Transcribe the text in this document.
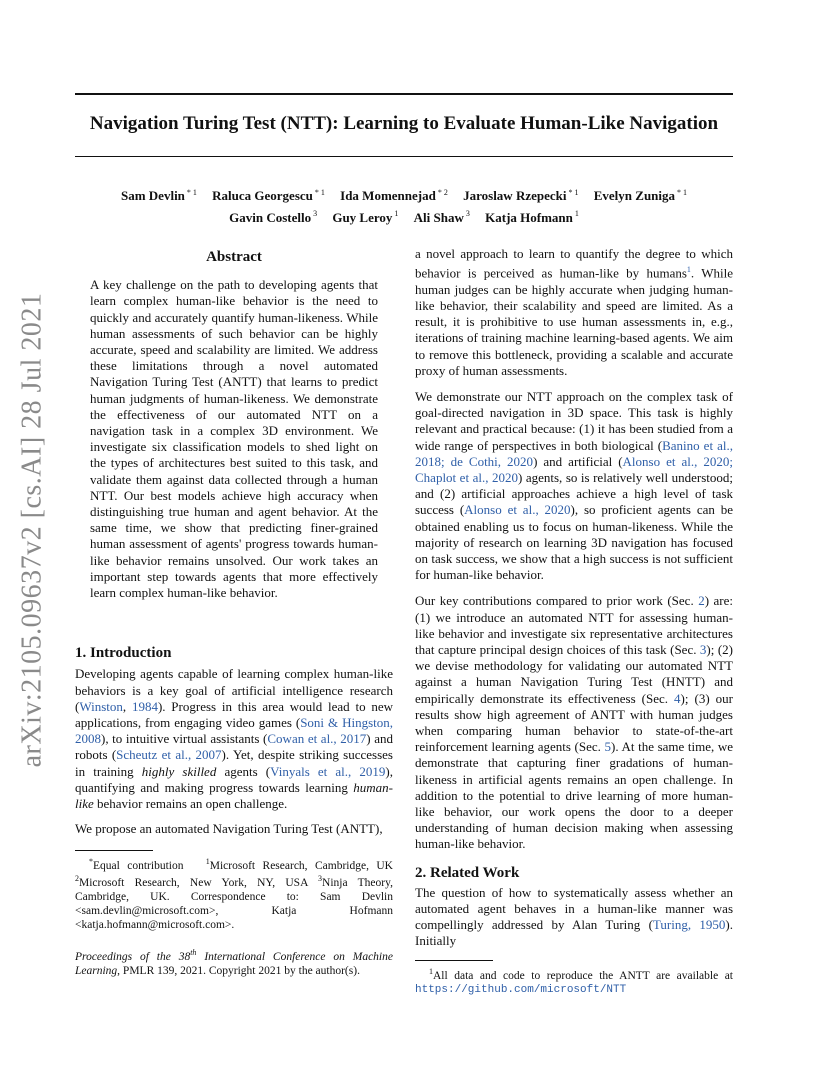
arXiv:2105.09637v2 [cs.AI] 28 Jul 2021
Navigation Turing Test (NTT): Learning to Evaluate Human-Like Navigation
Sam Devlin $^{* 1}$ Raluca Georgescu $^{* 1}$ Ida Momennejad $^{* 2}$ Jaroslaw Rzepecki $^{* 1}$ Evelyn Zuniga $^{* 1}$
Gavin Costello $^3$ Guy Leroy $^1$ Ali Shaw $^3$ Katja Hofmann $^1$
Abstract

A key challenge on the path to developing agents that learn complex human-like behavior is the need to quickly and accurately quantify human-likeness. While human assessments of such behavior can be highly accurate, speed and scalability are limited. We address these limitations through a novel automated Navigation Turing Test (ANTT) that learns to predict human judgments of human-likeness. We demonstrate the effectiveness of our automated NTT on a navigation task in a complex 3D environment. We investigate six classification models to shed light on the types of architectures best suited to this task, and validate them against data collected through a human NTT. Our best models achieve high accuracy when distinguishing true human and agent behavior. At the same time, we show that predicting finer-grained human assessment of agents' progress towards human-like behavior remains unsolved. Our work takes an important step towards agents that more effectively learn complex human-like behavior.

1. Introduction

Developing agents capable of learning complex human-like behaviors is a key goal of artificial intelligence research (Winston, 1984). Progress in this area would lead to new applications, from engaging video games (Soni & Hingston, 2008), to intuitive virtual assistants (Cowan et al., 2017) and robots (Scheutz et al., 2007). Yet, despite striking successes in training highly skilled agents (Vinyals et al., 2019), quantifying and making progress towards learning human-like behavior remains an open challenge.

We propose an automated Navigation Turing Test (ANTT),

*Equal contribution	$^1$Microsoft Research, Cambridge, UK $^2$Microsoft Research, New York, NY, USA $^3$Ninja Theory, Cambridge, UK. Correspondence to: Sam Devlin <sam.devlin@microsoft.com>, Katja Hofmann <katja.hofmann@microsoft.com>.
Proceedings of the 38th International Conference on Machine Learning, PMLR 139, 2021. Copyright 2021 by the author(s).

a novel approach to learn to quantify the degree to which behavior is perceived as human-like by humans$^1$. While human judges can be highly accurate when judging human-like behavior, their scalability and speed are limited. As a result, it is prohibitive to use human assessments in, e.g., iterations of training machine learning-based agents. We aim to remove this bottleneck, providing a scalable and accurate proxy of human assessments.

We demonstrate our NTT approach on the complex task of goal-directed navigation in 3D space. This task is highly relevant and practical because: (1) it has been studied from a wide range of perspectives in both biological (Banino et al., 2018; de Cothi, 2020) and artificial (Alonso et al., 2020; Chaplot et al., 2020) agents, so is relatively well understood; and (2) artificial approaches achieve a high level of task success (Alonso et al., 2020), so proficient agents can be obtained enabling us to focus on human-likeness. While the majority of research on learning 3D navigation has focused on task success, we show that a high success is not sufficient for human-like behavior.

Our key contributions compared to prior work (Sec. 2) are: (1) we introduce an automated NTT for assessing human-like behavior and investigate six representative architectures that capture principal design choices of this task (Sec. 3); (2) we devise methodology for validating our automated NTT against a human Navigation Turing Test (HNTT) and empirically demonstrate its effectiveness (Sec. 4); (3) our results show high agreement of ANTT with human judges when comparing human behavior to state-of-the-art reinforcement learning agents (Sec. 5). At the same time, we demonstrate that capturing finer gradations of human-likeness in artificial agents remains an open challenge. In addition to the potential to drive learning of more human-like behavior, our work opens the door to a deeper understanding of human decision making when assessing human-like behavior.

2. Related Work

The question of how to systematically assess whether an automated agent behaves in a human-like manner was compellingly addressed by Alan Turing (Turing, 1950). Initially

$^1$All data and code to reproduce the ANTT are available at https://github.com/microsoft/NTT
